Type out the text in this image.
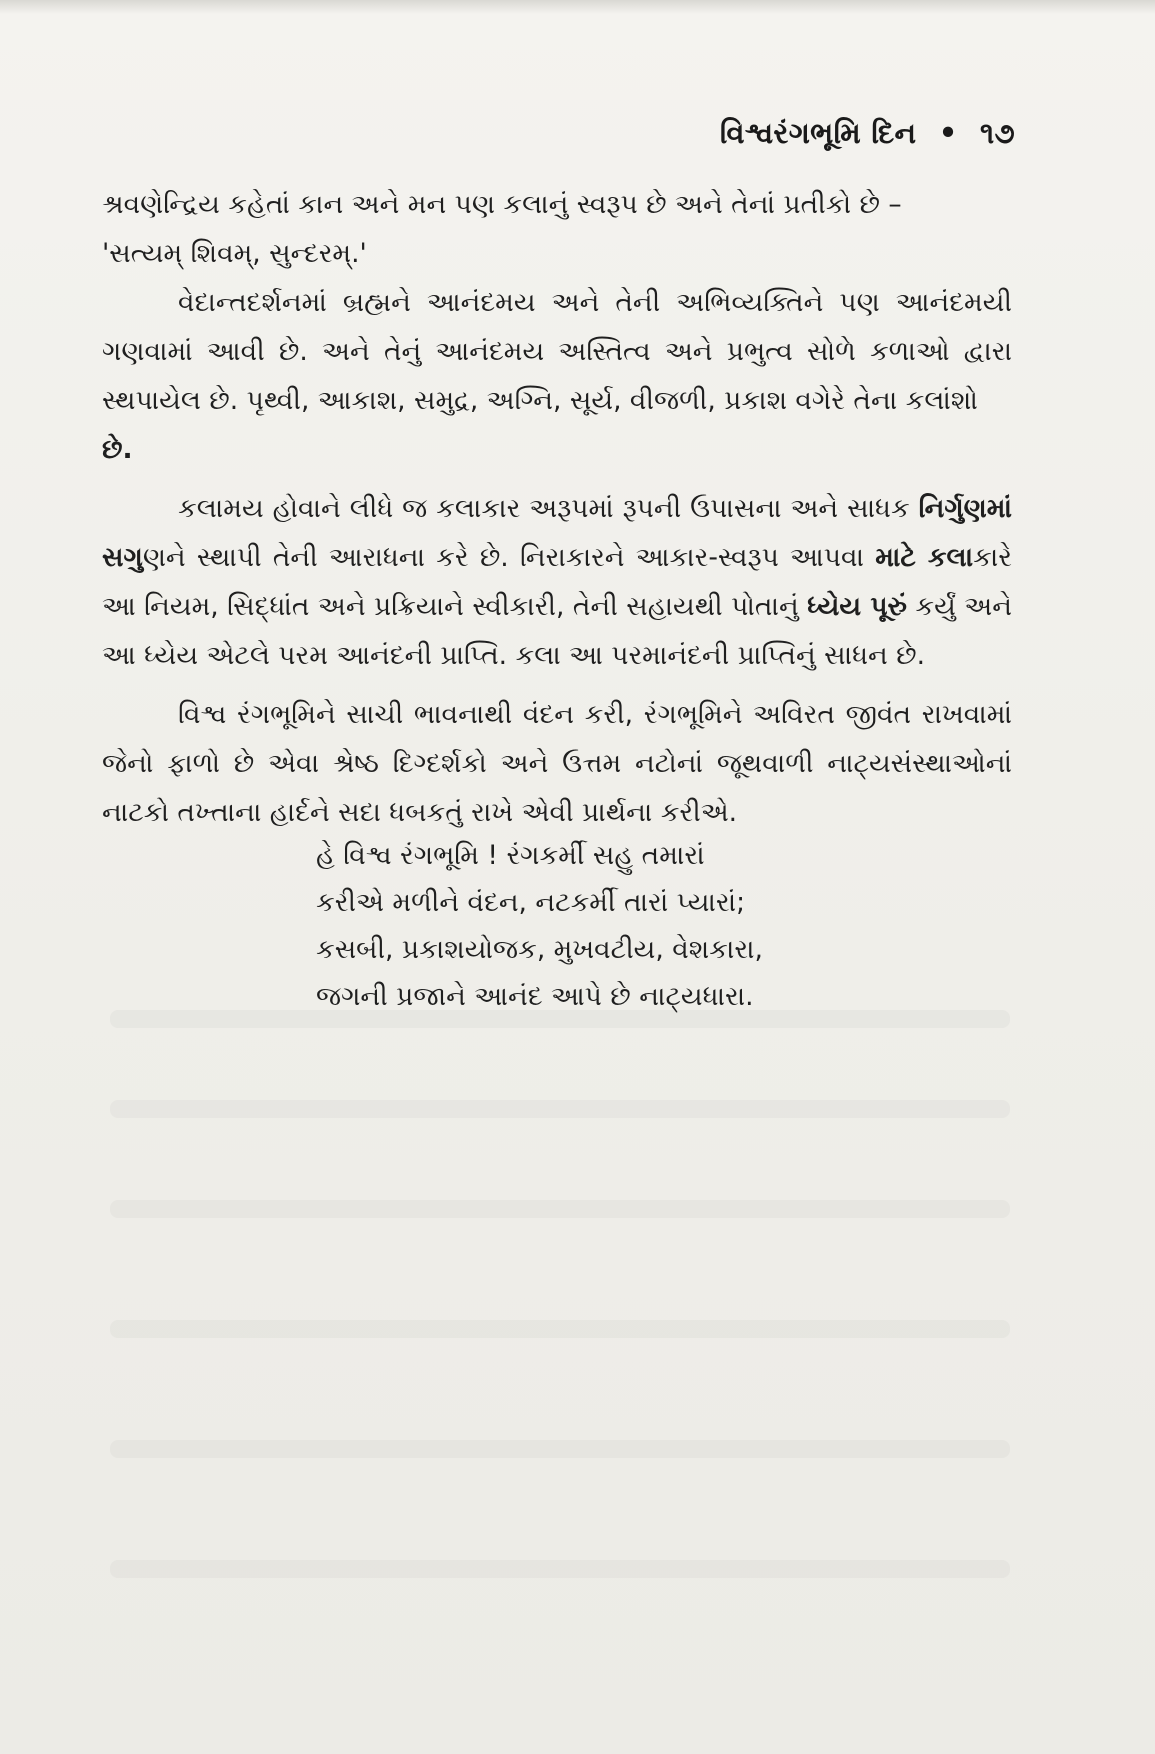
વિશ્વરંગભૂમિ દિન • ૧૭

શ્રવણેન્દ્રિય કહેતાં કાન અને મન પણ કલાનું સ્વરૂપ છે અને તેનાં પ્રતીકો છે –
'સત્યમ્ શિવમ્, સુન્દરમ્.'

વેદાન્તદર્શનમાં બ્રહ્મને આનંદમય અને તેની અભિવ્યક્તિને પણ આનંદમયી ગણવામાં આવી છે. અને તેનું આનંદમય અસ્તિત્વ અને પ્રભુત્વ સોળે કળાઓ દ્વારા સ્થપાયેલ છે. પૃથ્વી, આકાશ, સમુદ્ર, અગ્નિ, સૂર્ય, વીજળી, પ્રકાશ વગેરે તેના કલાંશો
છે.

કલામય હોવાને લીધે જ કલાકાર અરૂપમાં રૂપની ઉપાસના અને સાધક નિર્ગુણમાં સગુણને સ્થાપી તેની આરાધના કરે છે. નિરાકારને આકાર-સ્વરૂપ આપવા માટે કલાકારે આ નિયમ, સિદ્ધાંત અને પ્રક્રિયાને સ્વીકારી, તેની સહાયથી પોતાનું ધ્યેય પૂરું કર્યું અને આ ધ્યેય એટલે પરમ આનંદની પ્રાપ્તિ. કલા આ પરમાનંદની પ્રાપ્તિનું સાધન છે.

વિશ્વ રંગભૂમિને સાચી ભાવનાથી વંદન કરી, રંગભૂમિને અવિરત જીવંત રાખવામાં જેનો ફાળો છે એવા શ્રેષ્ઠ દિગ્દર્શકો અને ઉત્તમ નટોનાં જૂથવાળી નાટ્યસંસ્થાઓનાં નાટકો તખ્તાના હાર્દને સદા ધબકતું રાખે એવી પ્રાર્થના કરીએ.

હે વિશ્વ રંગભૂમિ ! રંગકર્મી સહુ તમારાં
કરીએ મળીને વંદન, નટકર્મી તારાં પ્યારાં;
કસબી, પ્રકાશયોજક, મુખવટીય, વેશકારા,
જગની પ્રજાને આનંદ આપે છે નાટ્યધારા.
